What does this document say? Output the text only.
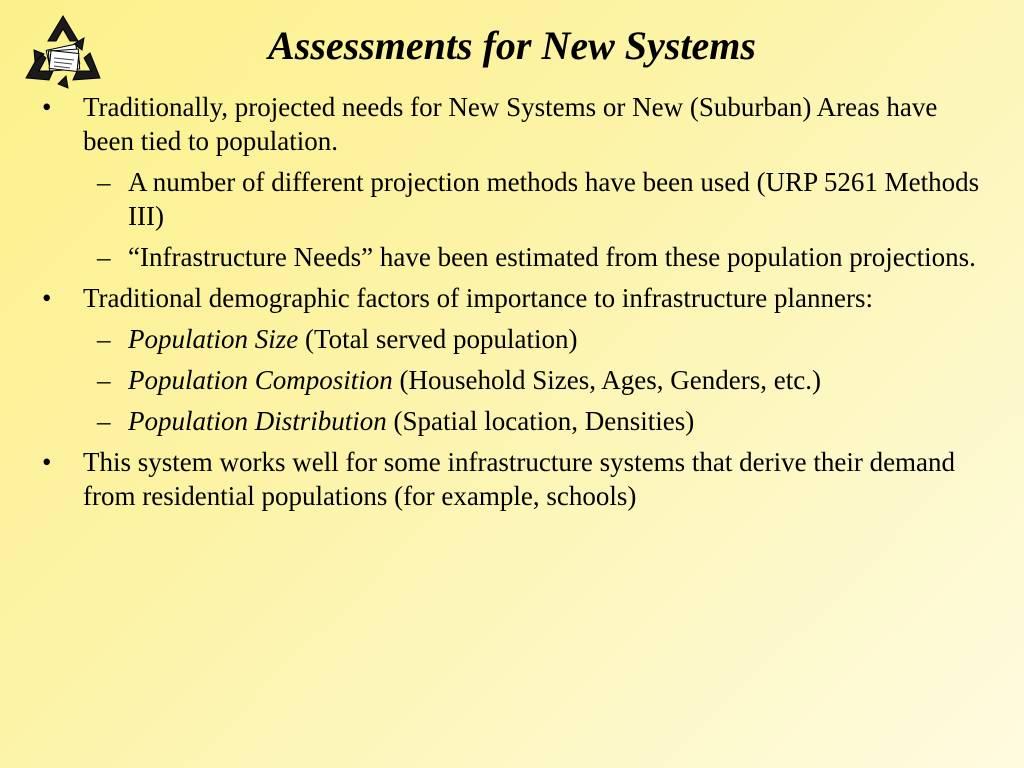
Assessments for New Systems
• Traditionally, projected needs for New Systems or New (Suburban) Areas have been tied to population.
– A number of different projection methods have been used (URP 5261 Methods III)
– “Infrastructure Needs” have been estimated from these population projections.
• Traditional demographic factors of importance to infrastructure planners:
– Population Size (Total served population)
– Population Composition (Household Sizes, Ages, Genders, etc.)
– Population Distribution (Spatial location, Densities)
• This system works well for some infrastructure systems that derive their demand from residential populations (for example, schools)
